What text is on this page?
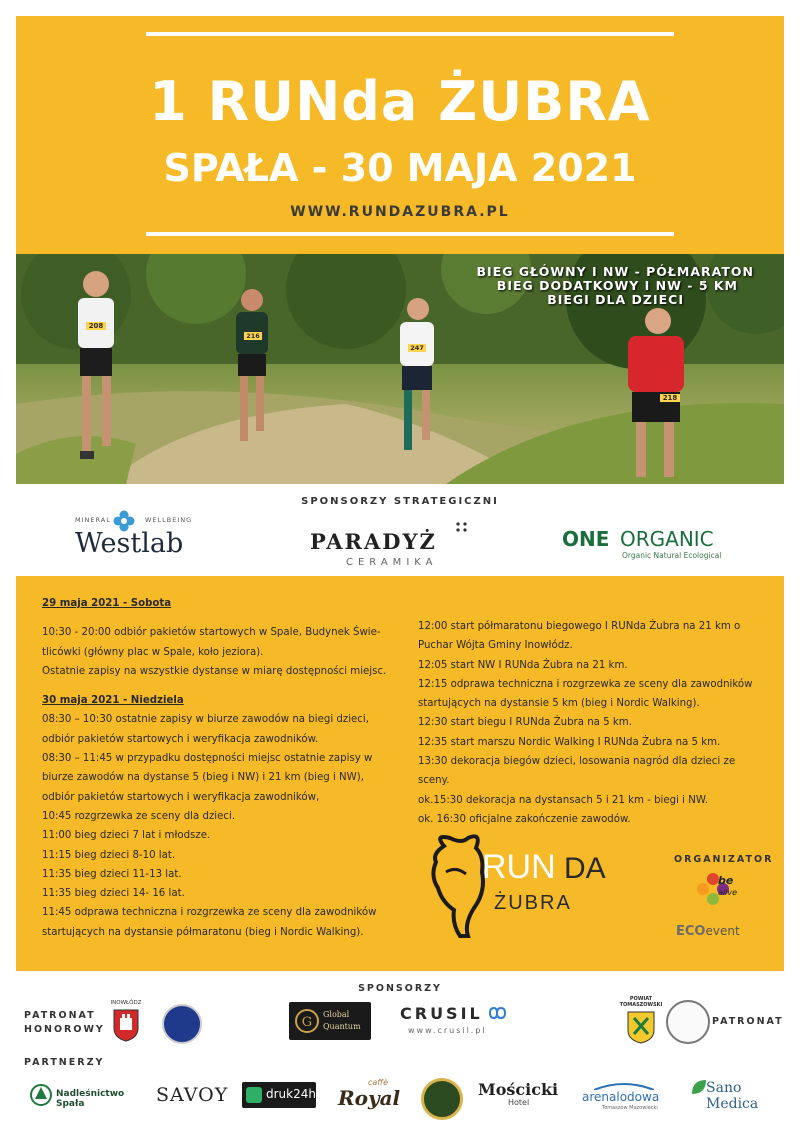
1 RUNda ŻUBRA
SPAŁA - 30 MAJA 2021
WWW.RUNDAZUBRA.PL
208
216
247
218
BIEG GŁÓWNY I NW - PÓŁMARATON
BIEG DODATKOWY I NW - 5 KM
BIEGI DLA DZIECI
SPONSORZY STRATEGICZNI
MINERAL	WELLBEING
Westlab	PARADYŻ
CERAMIKA
ONE ORGANIC
Organic Natural Ecological
29 maja 2021 - Sobota
10:30 - 20:00 odbiór pakietów startowych w Spale, Budynek Świe-
tlicówki (główny plac w Spale, koło jeziora).
Ostatnie zapisy na wszystkie dystanse w miarę dostępności miejsc.
30 maja 2021 - Niedziela
08:30 – 10:30 ostatnie zapisy w biurze zawodów na biegi dzieci,
odbiór pakietów startowych i weryfikacja zawodników.
08:30 – 11:45 w przypadku dostępności miejsc ostatnie zapisy w
biurze zawodów na dystanse 5 (bieg i NW) i 21 km (bieg i NW),
odbiór pakietów startowych i weryfikacja zawodników,
10:45 rozgrzewka ze sceny dla dzieci.
11:00 bieg dzieci 7 lat i młodsze.
11:15 bieg dzieci 8-10 lat.
11:35 bieg dzieci 11-13 lat.
11:35 bieg dzieci 14- 16 lat.
11:45 odprawa techniczna i rozgrzewka ze sceny dla zawodników
startujących na dystansie półmaratonu (bieg i Nordic Walking).
12:00 start półmaratonu biegowego I RUNda Żubra na 21 km o
Puchar Wójta Gminy Inowłódz.
12:05 start NW I RUNda Żubra na 21 km.
12:15 odprawa techniczna i rozgrzewka ze sceny dla zawodników
startujących na dystansie 5 km (bieg i Nordic Walking).
12:30 start biegu I RUNda Żubra na 5 km.
12:35 start marszu Nordic Walking I RUNda Żubra na 5 km.
13:30 dekoracja biegów dzieci, losowania nagród dla dzieci ze sceny.
ok.15:30 dekoracja na dystansach 5 i 21 km - biegi i NW.
ok. 16:30 oficjalne zakończenie zawodów.
RUN DA
ŻUBRA
ORGANIZATOR
be
alive
ECOevent
SPONSORZY
PATRONAT
HONOROWY
INOWŁÓDZ
G
Global
Quantum
CRUSIL
www.crusil.pl
POWIAT
TOMASZOWSKI
PATRONAT
PARTNERZY
Nadleśnictwo Spała	SAVOY	druk24h
caffè
Royal	Mościcki
Hotel	arenalodowa
Tomaszów Mazowiecki
Sano
Medica
